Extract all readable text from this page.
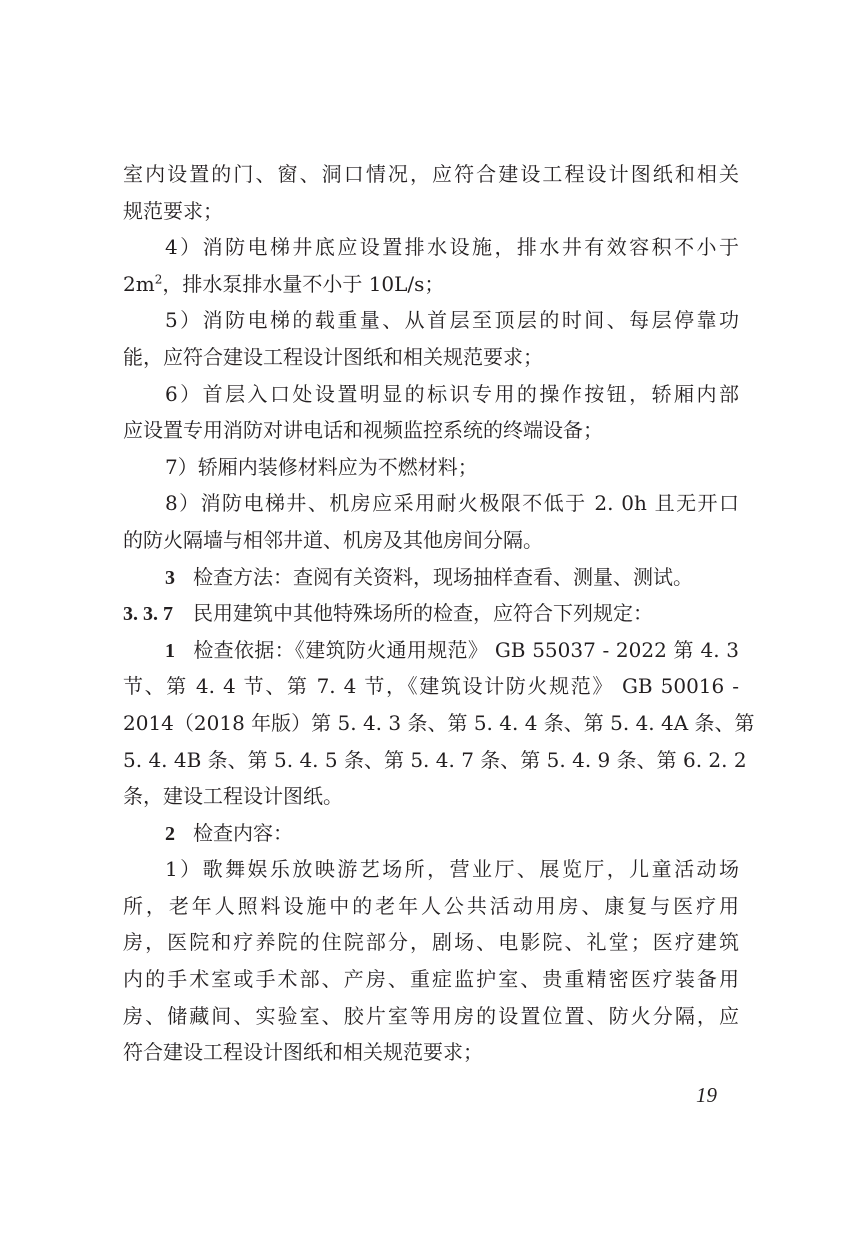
室内设置的门、窗、洞口情况，应符合建设工程设计图纸和相关
规范要求；
4）消防电梯井底应设置排水设施，排水井有效容积不小于
$2m^2$，排水泵排水量不小于 10L/s；
5）消防电梯的载重量、从首层至顶层的时间、每层停靠功
能，应符合建设工程设计图纸和相关规范要求；
6）首层入口处设置明显的标识专用的操作按钮，轿厢内部
应设置专用消防对讲电话和视频监控系统的终端设备；
7）轿厢内装修材料应为不燃材料；
8）消防电梯井、机房应采用耐火极限不低于 2. 0h 且无开口
的防火隔墙与相邻井道、机房及其他房间分隔。
3 检查方法：查阅有关资料，现场抽样查看、测量、测试。
3. 3. 7 民用建筑中其他特殊场所的检查，应符合下列规定：
1 检查依据：《建筑防火通用规范》 GB 55037 - 2022 第 4. 3
节、第 4. 4 节、第 7. 4 节，《建筑设计防火规范》 GB 50016 -
2014（2018 年版）第 5. 4. 3 条、第 5. 4. 4 条、第 5. 4. 4A 条、第
5. 4. 4B 条、第 5. 4. 5 条、第 5. 4. 7 条、第 5. 4. 9 条、第 6. 2. 2
条，建设工程设计图纸。
2 检查内容：
1）歌舞娱乐放映游艺场所，营业厅、展览厅，儿童活动场
所，老年人照料设施中的老年人公共活动用房、康复与医疗用
房，医院和疗养院的住院部分，剧场、电影院、礼堂；医疗建筑
内的手术室或手术部、产房、重症监护室、贵重精密医疗装备用
房、储藏间、实验室、胶片室等用房的设置位置、防火分隔，应
符合建设工程设计图纸和相关规范要求；
19
